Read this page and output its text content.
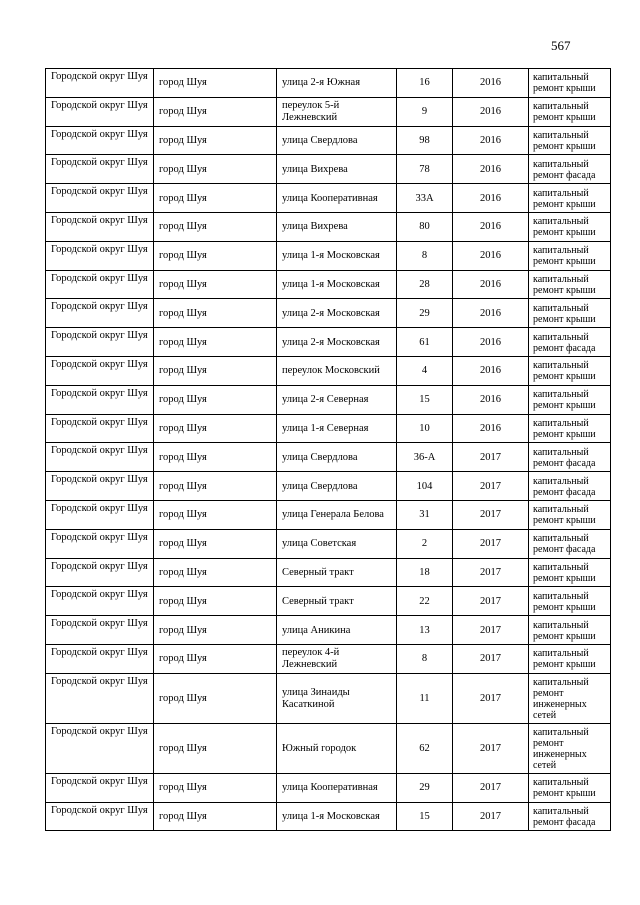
567
Городской округ Шуя	город Шуя	улица 2-я Южная	16	2016	капитальный ремонт крыши
Городской округ Шуя	город Шуя	переулок 5-й Лежневский	9	2016	капитальный ремонт крыши
Городской округ Шуя	город Шуя	улица Свердлова	98	2016	капитальный ремонт крыши
Городской округ Шуя	город Шуя	улица Вихрева	78	2016	капитальный ремонт фасада
Городской округ Шуя	город Шуя	улица Кооперативная	33А	2016	капитальный ремонт крыши
Городской округ Шуя	город Шуя	улица Вихрева	80	2016	капитальный ремонт крыши
Городской округ Шуя	город Шуя	улица 1-я Московская	8	2016	капитальный ремонт крыши
Городской округ Шуя	город Шуя	улица 1-я Московская	28	2016	капитальный ремонт крыши
Городской округ Шуя	город Шуя	улица 2-я Московская	29	2016	капитальный ремонт крыши
Городской округ Шуя	город Шуя	улица 2-я Московская	61	2016	капитальный ремонт фасада
Городской округ Шуя	город Шуя	переулок Московский	4	2016	капитальный ремонт крыши
Городской округ Шуя	город Шуя	улица 2-я Северная	15	2016	капитальный ремонт крыши
Городской округ Шуя	город Шуя	улица 1-я Северная	10	2016	капитальный ремонт крыши
Городской округ Шуя	город Шуя	улица Свердлова	36-А	2017	капитальный ремонт фасада
Городской округ Шуя	город Шуя	улица Свердлова	104	2017	капитальный ремонт фасада
Городской округ Шуя	город Шуя	улица Генерала Белова	31	2017	капитальный ремонт крыши
Городской округ Шуя	город Шуя	улица Советская	2	2017	капитальный ремонт фасада
Городской округ Шуя	город Шуя	Северный тракт	18	2017	капитальный ремонт крыши
Городской округ Шуя	город Шуя	Северный тракт	22	2017	капитальный ремонт крыши
Городской округ Шуя	город Шуя	улица Аникина	13	2017	капитальный ремонт крыши
Городской округ Шуя	город Шуя	переулок 4-й Лежневский	8	2017	капитальный ремонт крыши
Городской округ Шуя	город Шуя	улица Зинаиды Касаткиной	11	2017	капитальный ремонт инженерных сетей
Городской округ Шуя	город Шуя	Южный городок	62	2017	капитальный ремонт инженерных сетей
Городской округ Шуя	город Шуя	улица Кооперативная	29	2017	капитальный ремонт крыши
Городской округ Шуя	город Шуя	улица 1-я Московская	15	2017	капитальный ремонт фасада
